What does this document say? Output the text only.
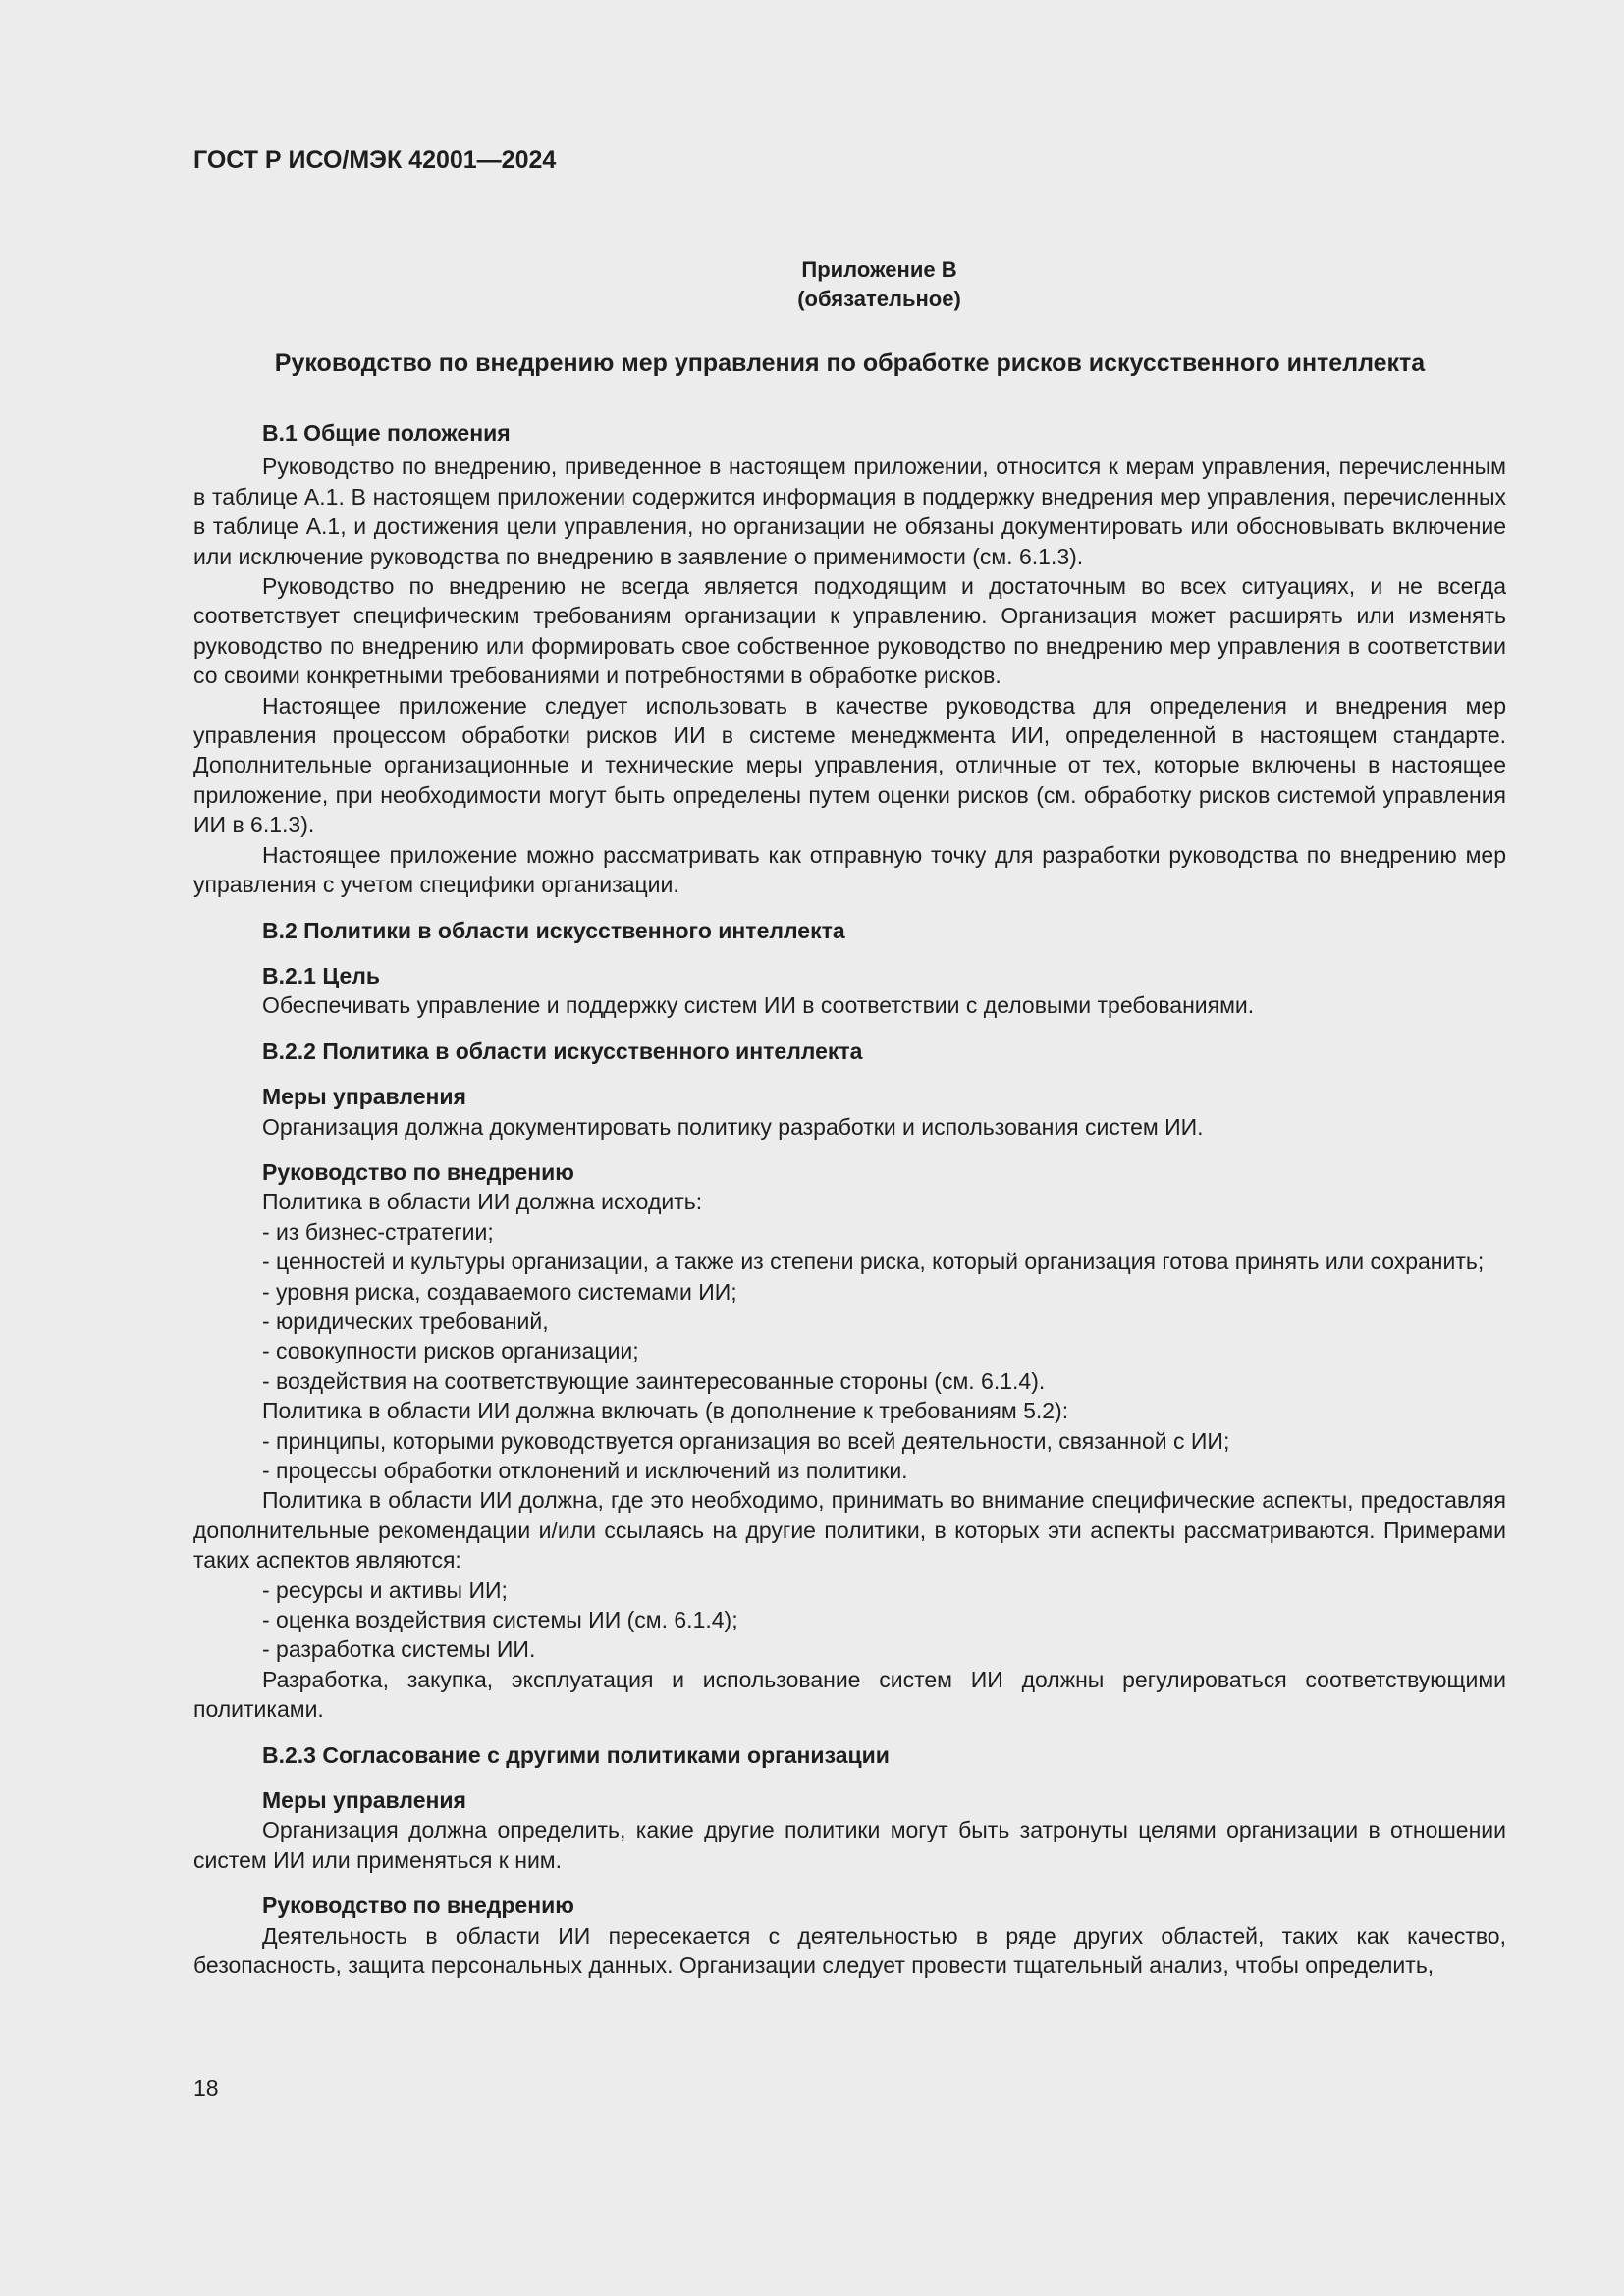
ГОСТ Р ИСО/МЭК 42001—2024
Приложение В
(обязательное)
Руководство по внедрению мер управления по обработке рисков искусственного интеллекта
В.1 Общие положения

Руководство по внедрению, приведенное в настоящем приложении, относится к мерам управления, перечисленным в таблице А.1. В настоящем приложении содержится информация в поддержку внедрения мер управления, перечисленных в таблице А.1, и достижения цели управления, но организации не обязаны документировать или обосновывать включение или исключение руководства по внедрению в заявление о применимости (см. 6.1.3).

Руководство по внедрению не всегда является подходящим и достаточным во всех ситуациях, и не всегда соответствует специфическим требованиям организации к управлению. Организация может расширять или изменять руководство по внедрению или формировать свое собственное руководство по внедрению мер управления в соответствии со своими конкретными требованиями и потребностями в обработке рисков.

Настоящее приложение следует использовать в качестве руководства для определения и внедрения мер управления процессом обработки рисков ИИ в системе менеджмента ИИ, определенной в настоящем стандарте. Дополнительные организационные и технические меры управления, отличные от тех, которые включены в настоящее приложение, при необходимости могут быть определены путем оценки рисков (см. обработку рисков системой управления ИИ в 6.1.3).

Настоящее приложение можно рассматривать как отправную точку для разработки руководства по внедрению мер управления с учетом специфики организации.

В.2 Политики в области искусственного интеллекта
В.2.1 Цель

Обеспечивать управление и поддержку систем ИИ в соответствии с деловыми требованиями.

В.2.2 Политика в области искусственного интеллекта
Меры управления

Организация должна документировать политику разработки и использования систем ИИ.

Руководство по внедрению

Политика в области ИИ должна исходить:

- из бизнес-стратегии;

- ценностей и культуры организации, а также из степени риска, который организация готова принять или сохранить;

- уровня риска, создаваемого системами ИИ;

- юридических требований,

- совокупности рисков организации;

- воздействия на соответствующие заинтересованные стороны (см. 6.1.4).

Политика в области ИИ должна включать (в дополнение к требованиям 5.2):

- принципы, которыми руководствуется организация во всей деятельности, связанной с ИИ;

- процессы обработки отклонений и исключений из политики.

Политика в области ИИ должна, где это необходимо, принимать во внимание специфические аспекты, предоставляя дополнительные рекомендации и/или ссылаясь на другие политики, в которых эти аспекты рассматриваются. Примерами таких аспектов являются:

- ресурсы и активы ИИ;

- оценка воздействия системы ИИ (см. 6.1.4);

- разработка системы ИИ.

Разработка, закупка, эксплуатация и использование систем ИИ должны регулироваться соответствующими политиками.

В.2.3 Согласование с другими политиками организации
Меры управления

Организация должна определить, какие другие политики могут быть затронуты целями организации в отношении систем ИИ или применяться к ним.

Руководство по внедрению

Деятельность в области ИИ пересекается с деятельностью в ряде других областей, таких как качество, безопасность, защита персональных данных. Организации следует провести тщательный анализ, чтобы определить,

18
